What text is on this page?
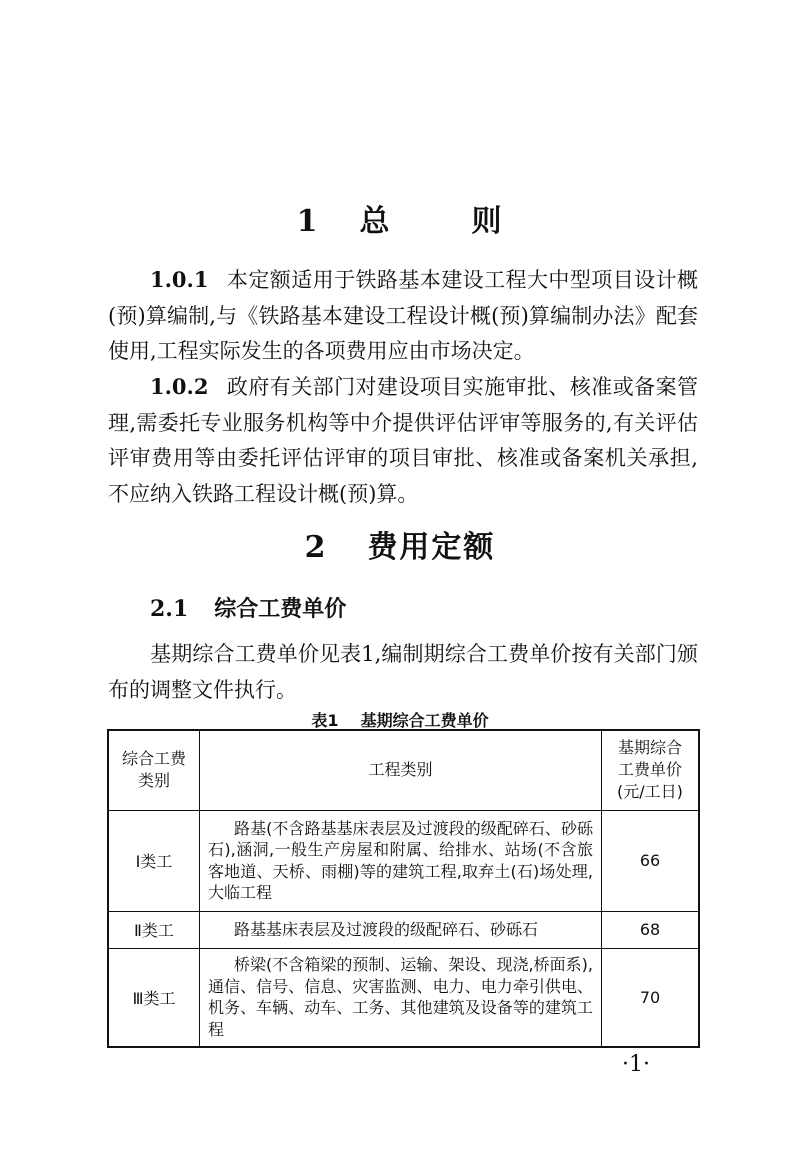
1 总	则

1.0.1 本定额适用于铁路基本建设工程大中型项目设计概(预)算编制,与《铁路基本建设工程设计概(预)算编制办法》配套使用,工程实际发生的各项费用应由市场决定。

1.0.2 政府有关部门对建设项目实施审批、核准或备案管理,需委托专业服务机构等中介提供评估评审等服务的,有关评估评审费用等由委托评估评审的项目审批、核准或备案机关承担,不应纳入铁路工程设计概(预)算。

2 费用定额
2.1 综合工费单价

基期综合工费单价见表1,编制期综合工费单价按有关部门颁布的调整文件执行。

表1 基期综合工费单价

综合工费
类别	工程类别	基期综合
工费单价
(元/工日)
Ⅰ类工	路基(不含路基基床表层及过渡段的级配碎石、砂砾石),涵洞,一般生产房屋和附属、给排水、站场(不含旅客地道、天桥、雨棚)等的建筑工程,取弃土(石)场处理,大临工程	66
Ⅱ类工	路基基床表层及过渡段的级配碎石、砂砾石	68
Ⅲ类工	桥梁(不含箱梁的预制、运输、架设、现浇,桥面系),通信、信号、信息、灾害监测、电力、电力牵引供电、机务、车辆、动车、工务、其他建筑及设备等的建筑工程	70

·1·
